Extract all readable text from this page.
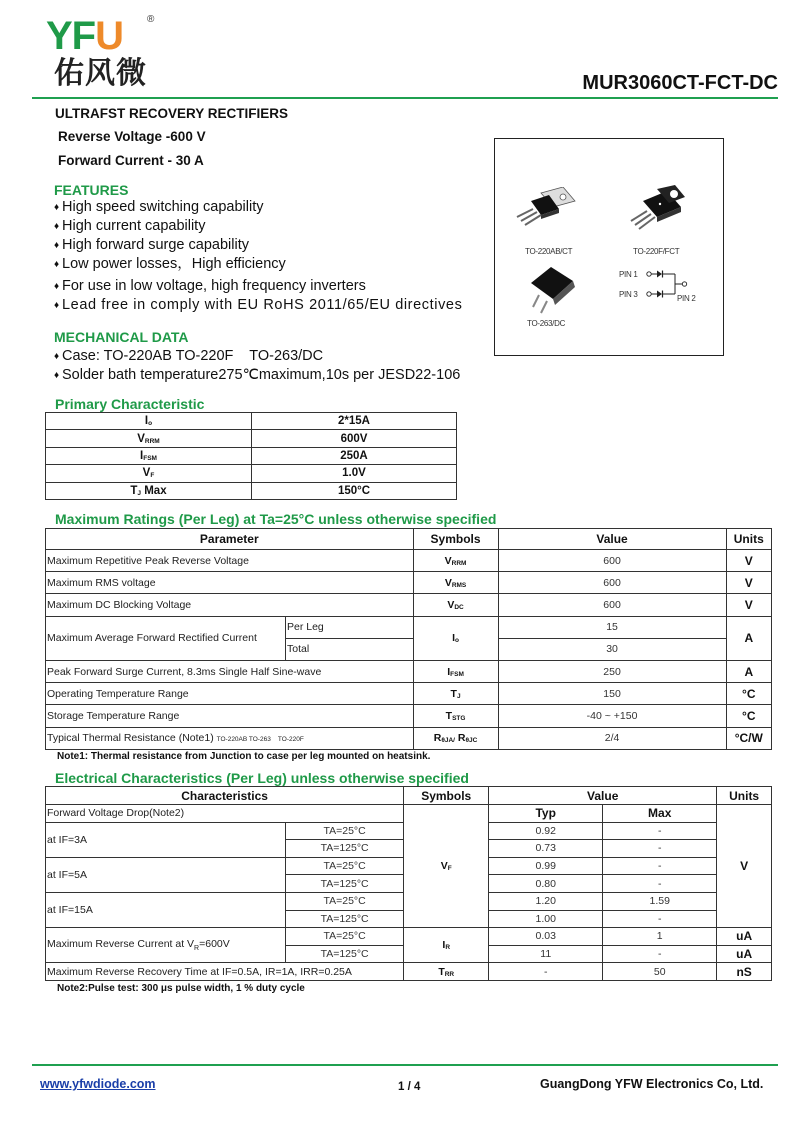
YFU ®
佑风微	MUR3060CT-FCT-DC
ULTRAFST RECOVERY RECTIFIERS
Reverse Voltage -600 V
Forward Current - 30 A
FEATURES
♦ High speed switching capability
♦ High current capability
♦ High forward surge capability
♦ Low power losses，High efficiency
♦ For use in low voltage, high frequency inverters
♦ Lead free in comply with EU RoHS 2011/65/EU directives
MECHANICAL DATA
♦ Case: TO-220AB TO-220F    TO-263/DC
♦ Solder bath temperature275℃maximum,10s per JESD22-106
TO-220AB/CT	TO-220F/FCT
TO-263/DC
PIN 1
PIN 3	PIN 2
Primary Characteristic
$I_o$	2*15A
$V_{RRM}$	600V
$I_{FSM}$	250A
$V_F$	1.0V
$T_J$ Max	150°C
Maximum Ratings (Per Leg) at Ta=25°C unless otherwise specified
Parameter		Symbols	Value	Units
Maximum Repetitive Peak Reverse Voltage		$V_{RRM}$	600	V
Maximum RMS voltage		$V_{RMS}$	600	V
Maximum DC Blocking Voltage		$V_{DC}$	600	V
Maximum Average Forward Rectified Current	Per Leg	$I_o$	15	A
	Total		30	
Peak Forward Surge Current, 8.3ms Single Half Sine-wave		$I_{FSM}$	250	A
Operating Temperature Range		$T_J$	150	°C
Storage Temperature Range		$T_{STG}$	-40 ~ +150	°C
Typical Thermal Resistance (Note1) TO-220AB TO-263    TO-220F		$R_{\theta JA/}$ $R_{\theta JC}$	2/4	°C/W
Note1: Thermal resistance from Junction to case per leg mounted on heatsink.
Electrical Characteristics (Per Leg) unless otherwise specified
Characteristics		Symbols	Value		Units
Forward Voltage Drop(Note2)		$V_F$	Typ	Max	V
at IF=3A	TA=25°C		0.92	-	
	TA=125°C		0.73	-	
at IF=5A	TA=25°C		0.99	-	
	TA=125°C		0.80	-	
at IF=15A	TA=25°C		1.20	1.59	
	TA=125°C		1.00	-	
Maximum Reverse Current at $V_R=600V$	TA=25°C	$I_R$	0.03	1	uA
	TA=125°C		11	-	uA
Maximum Reverse Recovery Time at IF=0.5A, IR=1A, IRR=0.25A		$T_{RR}$	-	50	nS
Note2:Pulse test: 300 μs pulse width, 1 % duty cycle
www.yfwdiode.com	1 / 4	GuangDong YFW Electronics Co, Ltd.
